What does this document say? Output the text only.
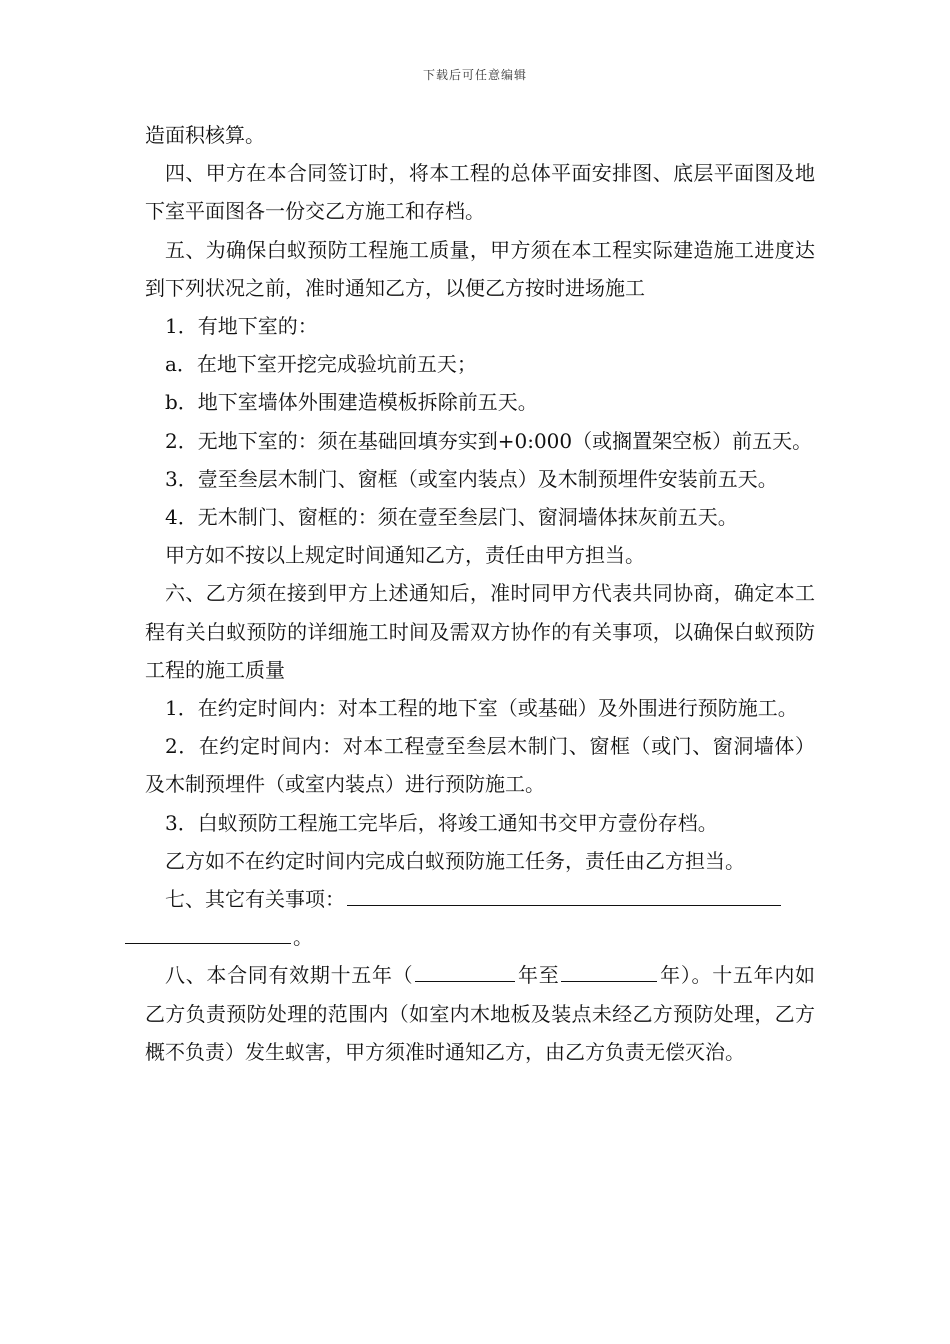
下载后可任意编辑

造面积核算。

四、甲方在本合同签订时，将本工程的总体平面安排图、底层平面图及地下室平面图各一份交乙方施工和存档。

五、为确保白蚁预防工程施工质量，甲方须在本工程实际建造施工进度达到下列状况之前，准时通知乙方，以便乙方按时进场施工

1．有地下室的：

a．在地下室开挖完成验坑前五天；

b．地下室墙体外围建造模板拆除前五天。

2．无地下室的：须在基础回填夯实到+0:000（或搁置架空板）前五天。

3．壹至叁层木制门、窗框（或室内装点）及木制预埋件安装前五天。

4．无木制门、窗框的：须在壹至叁层门、窗洞墙体抹灰前五天。

甲方如不按以上规定时间通知乙方，责任由甲方担当。

六、乙方须在接到甲方上述通知后，准时同甲方代表共同协商，确定本工程有关白蚁预防的详细施工时间及需双方协作的有关事项，以确保白蚁预防工程的施工质量

1．在约定时间内：对本工程的地下室（或基础）及外围进行预防施工。

2．在约定时间内：对本工程壹至叁层木制门、窗框（或门、窗洞墙体）及木制预埋件（或室内装点）进行预防施工。

3．白蚁预防工程施工完毕后，将竣工通知书交甲方壹份存档。

乙方如不在约定时间内完成白蚁预防施工任务，责任由乙方担当。

七、其它有关事项：
。

八、本合同有效期十五年（	年至	年）。十五年内如乙方负责预防处理的范围内（如室内木地板及装点未经乙方预防处理，乙方概不负责）发生蚁害，甲方须准时通知乙方，由乙方负责无偿灭治。
